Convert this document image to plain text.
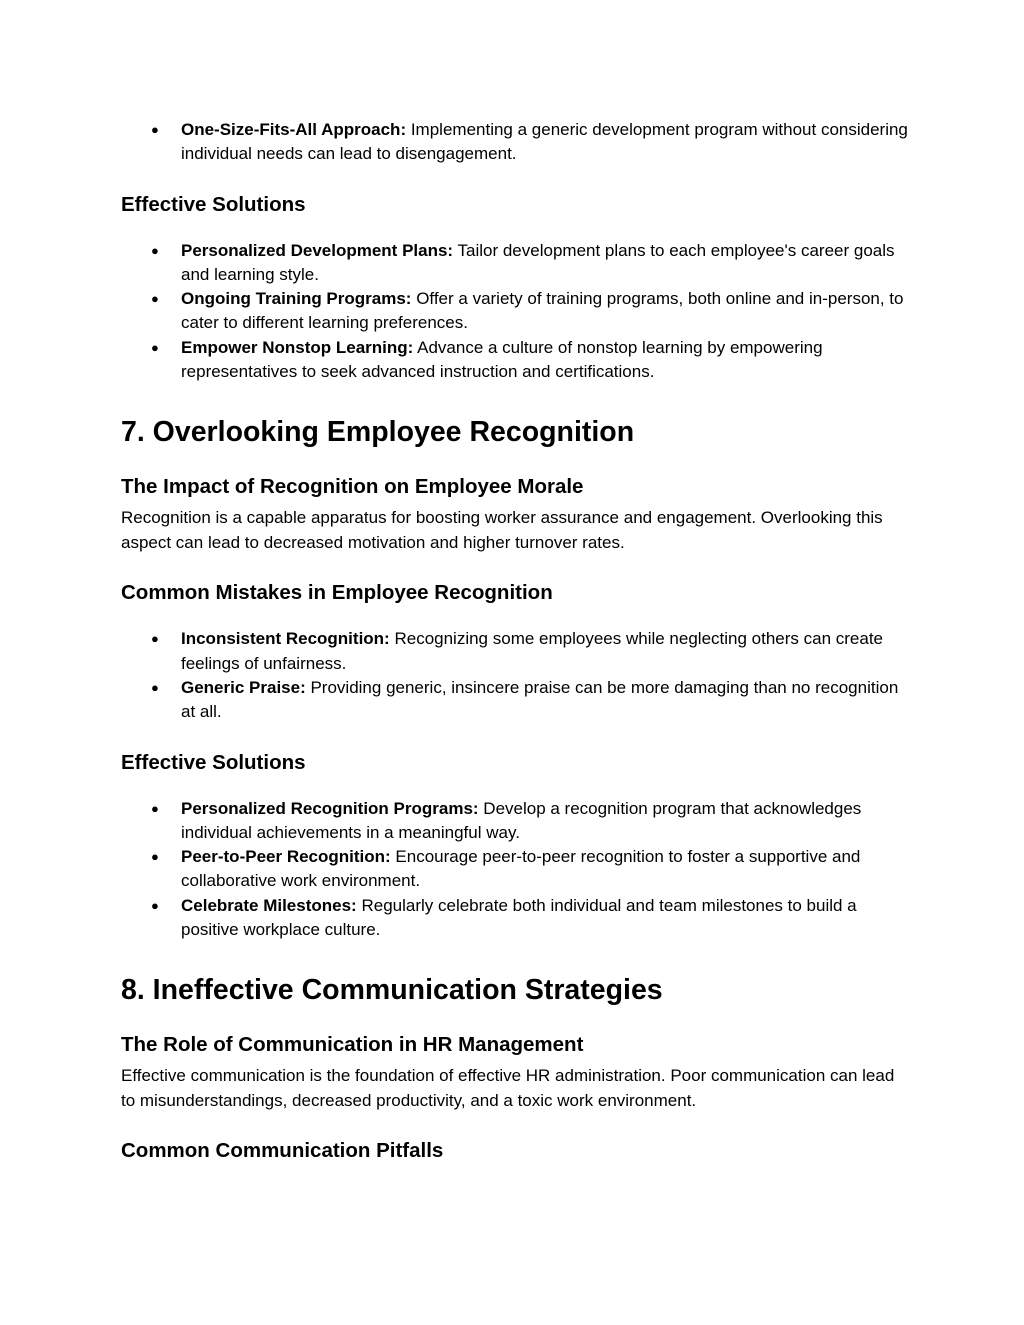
● One-Size-Fits-All Approach: Implementing a generic development program without considering individual needs can lead to disengagement.
Effective Solutions
● Personalized Development Plans: Tailor development plans to each employee's career goals and learning style.
● Ongoing Training Programs: Offer a variety of training programs, both online and in-person, to cater to different learning preferences.
● Empower Nonstop Learning: Advance a culture of nonstop learning by empowering representatives to seek advanced instruction and certifications.
7. Overlooking Employee Recognition
The Impact of Recognition on Employee Morale

Recognition is a capable apparatus for boosting worker assurance and engagement. Overlooking this aspect can lead to decreased motivation and higher turnover rates.

Common Mistakes in Employee Recognition
● Inconsistent Recognition: Recognizing some employees while neglecting others can create feelings of unfairness.
● Generic Praise: Providing generic, insincere praise can be more damaging than no recognition at all.
Effective Solutions
● Personalized Recognition Programs: Develop a recognition program that acknowledges individual achievements in a meaningful way.
● Peer-to-Peer Recognition: Encourage peer-to-peer recognition to foster a supportive and collaborative work environment.
● Celebrate Milestones: Regularly celebrate both individual and team milestones to build a positive workplace culture.
8. Ineffective Communication Strategies
The Role of Communication in HR Management

Effective communication is the foundation of effective HR administration. Poor communication can lead to misunderstandings, decreased productivity, and a toxic work environment.

Common Communication Pitfalls
